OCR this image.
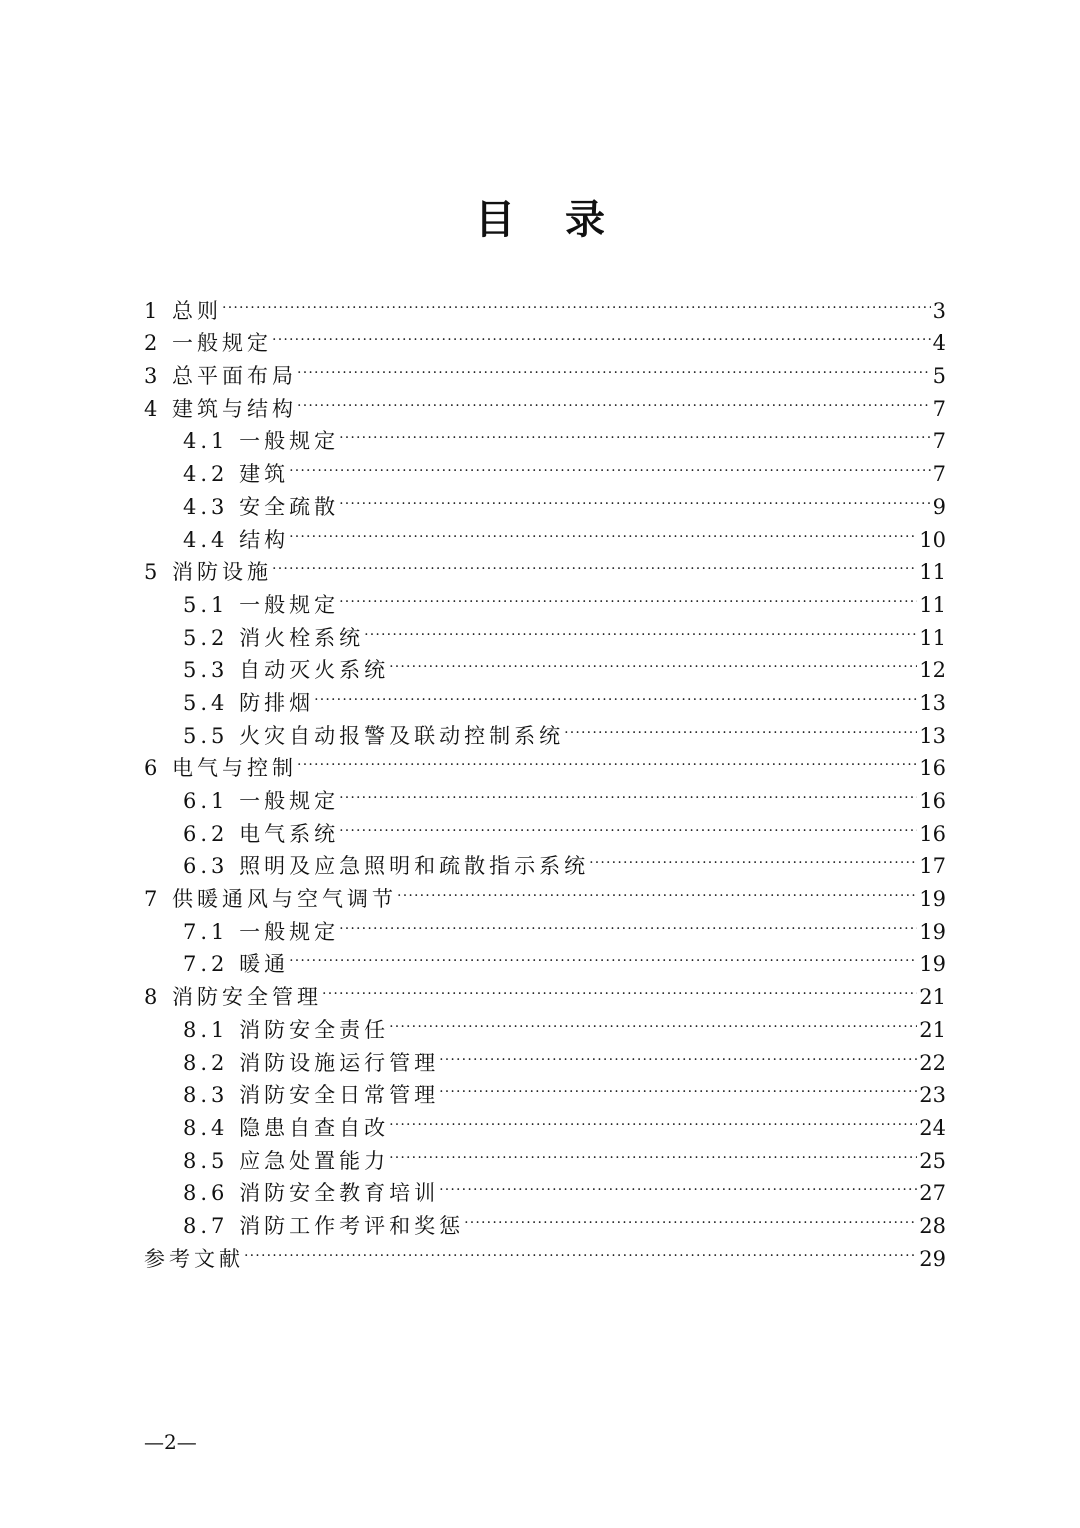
目 录
1 总则 .....	3
2 一般规定 .....	4
3 总平面布局 .....	5
4 建筑与结构 .....	7
4.1 一般规定 .....	7
4.2 建筑 .....	7
4.3 安全疏散 .....	9
4.4 结构 .....	10
5 消防设施 .....	11
5.1 一般规定 .....	11
5.2 消火栓系统 .....	11
5.3 自动灭火系统 .....	12
5.4 防排烟 .....	13
5.5 火灾自动报警及联动控制系统 .....	13
6 电气与控制 .....	16
6.1 一般规定 .....	16
6.2 电气系统 .....	16
6.3 照明及应急照明和疏散指示系统 .....	17
7 供暖通风与空气调节 .....	19
7.1 一般规定 .....	19
7.2 暖通 .....	19
8 消防安全管理 .....	21
8.1 消防安全责任 .....	21
8.2 消防设施运行管理 .....	22
8.3 消防安全日常管理 .....	23
8.4 隐患自查自改 .....	24
8.5 应急处置能力 .....	25
8.6 消防安全教育培训 .....	27
8.7 消防工作考评和奖惩 .....	28
参考文献 .....	29
—2—
